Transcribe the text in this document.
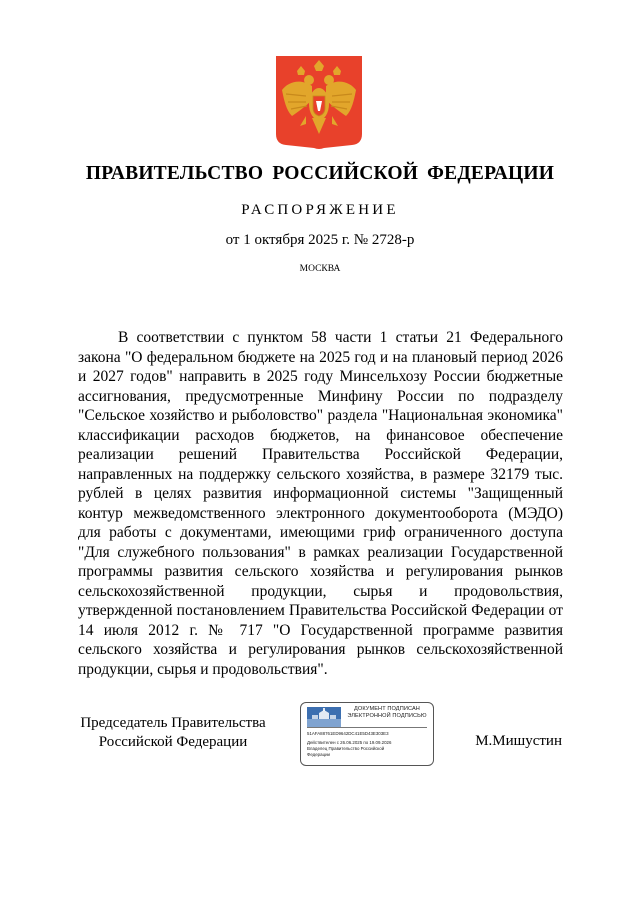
ПРАВИТЕЛЬСТВО РОССИЙСКОЙ ФЕДЕРАЦИИ
РАСПОРЯЖЕНИЕ
от 1 октября 2025 г. № 2728-р
МОСКВА

В соответствии с пунктом 58 части 1 статьи 21 Федерального закона "О федеральном бюджете на 2025 год и на плановый период 2026 и 2027 годов" направить в 2025 году Минсельхозу России бюджетные ассигнования, предусмотренные Минфину России по подразделу "Сельское хозяйство и рыболовство" раздела "Национальная экономика" классификации расходов бюджетов, на финансовое обеспечение реализации решений Правительства Российской Федерации, направленных на поддержку сельского хозяйства, в размере 32179 тыс. рублей в целях развития информационной системы "Защищенный контур межведомственного электронного документооборота (МЭДО) для работы с документами, имеющими гриф ограниченного доступа "Для служебного пользования" в рамках реализации Государственной программы развития сельского хозяйства и регулирования рынков сельскохозяйственной продукции, сырья и продовольствия, утвержденной постановлением Правительства Российской Федерации от 14 июля 2012 г. № 717 "О Государственной программе развития сельского хозяйства и регулирования рынков сельскохозяйственной продукции, сырья и продовольствия".

Председатель Правительства
Российской Федерации
ДОКУМЕНТ ПОДПИСАН
ЭЛЕКТРОННОЙ ПОДПИСЬЮ
51AFA88761ED9642DC41E5D43E303E3
Действителен с 26.06.2025 по 19.09.2026
Владелец Правительство Российской
Федерации
М.Мишустин
